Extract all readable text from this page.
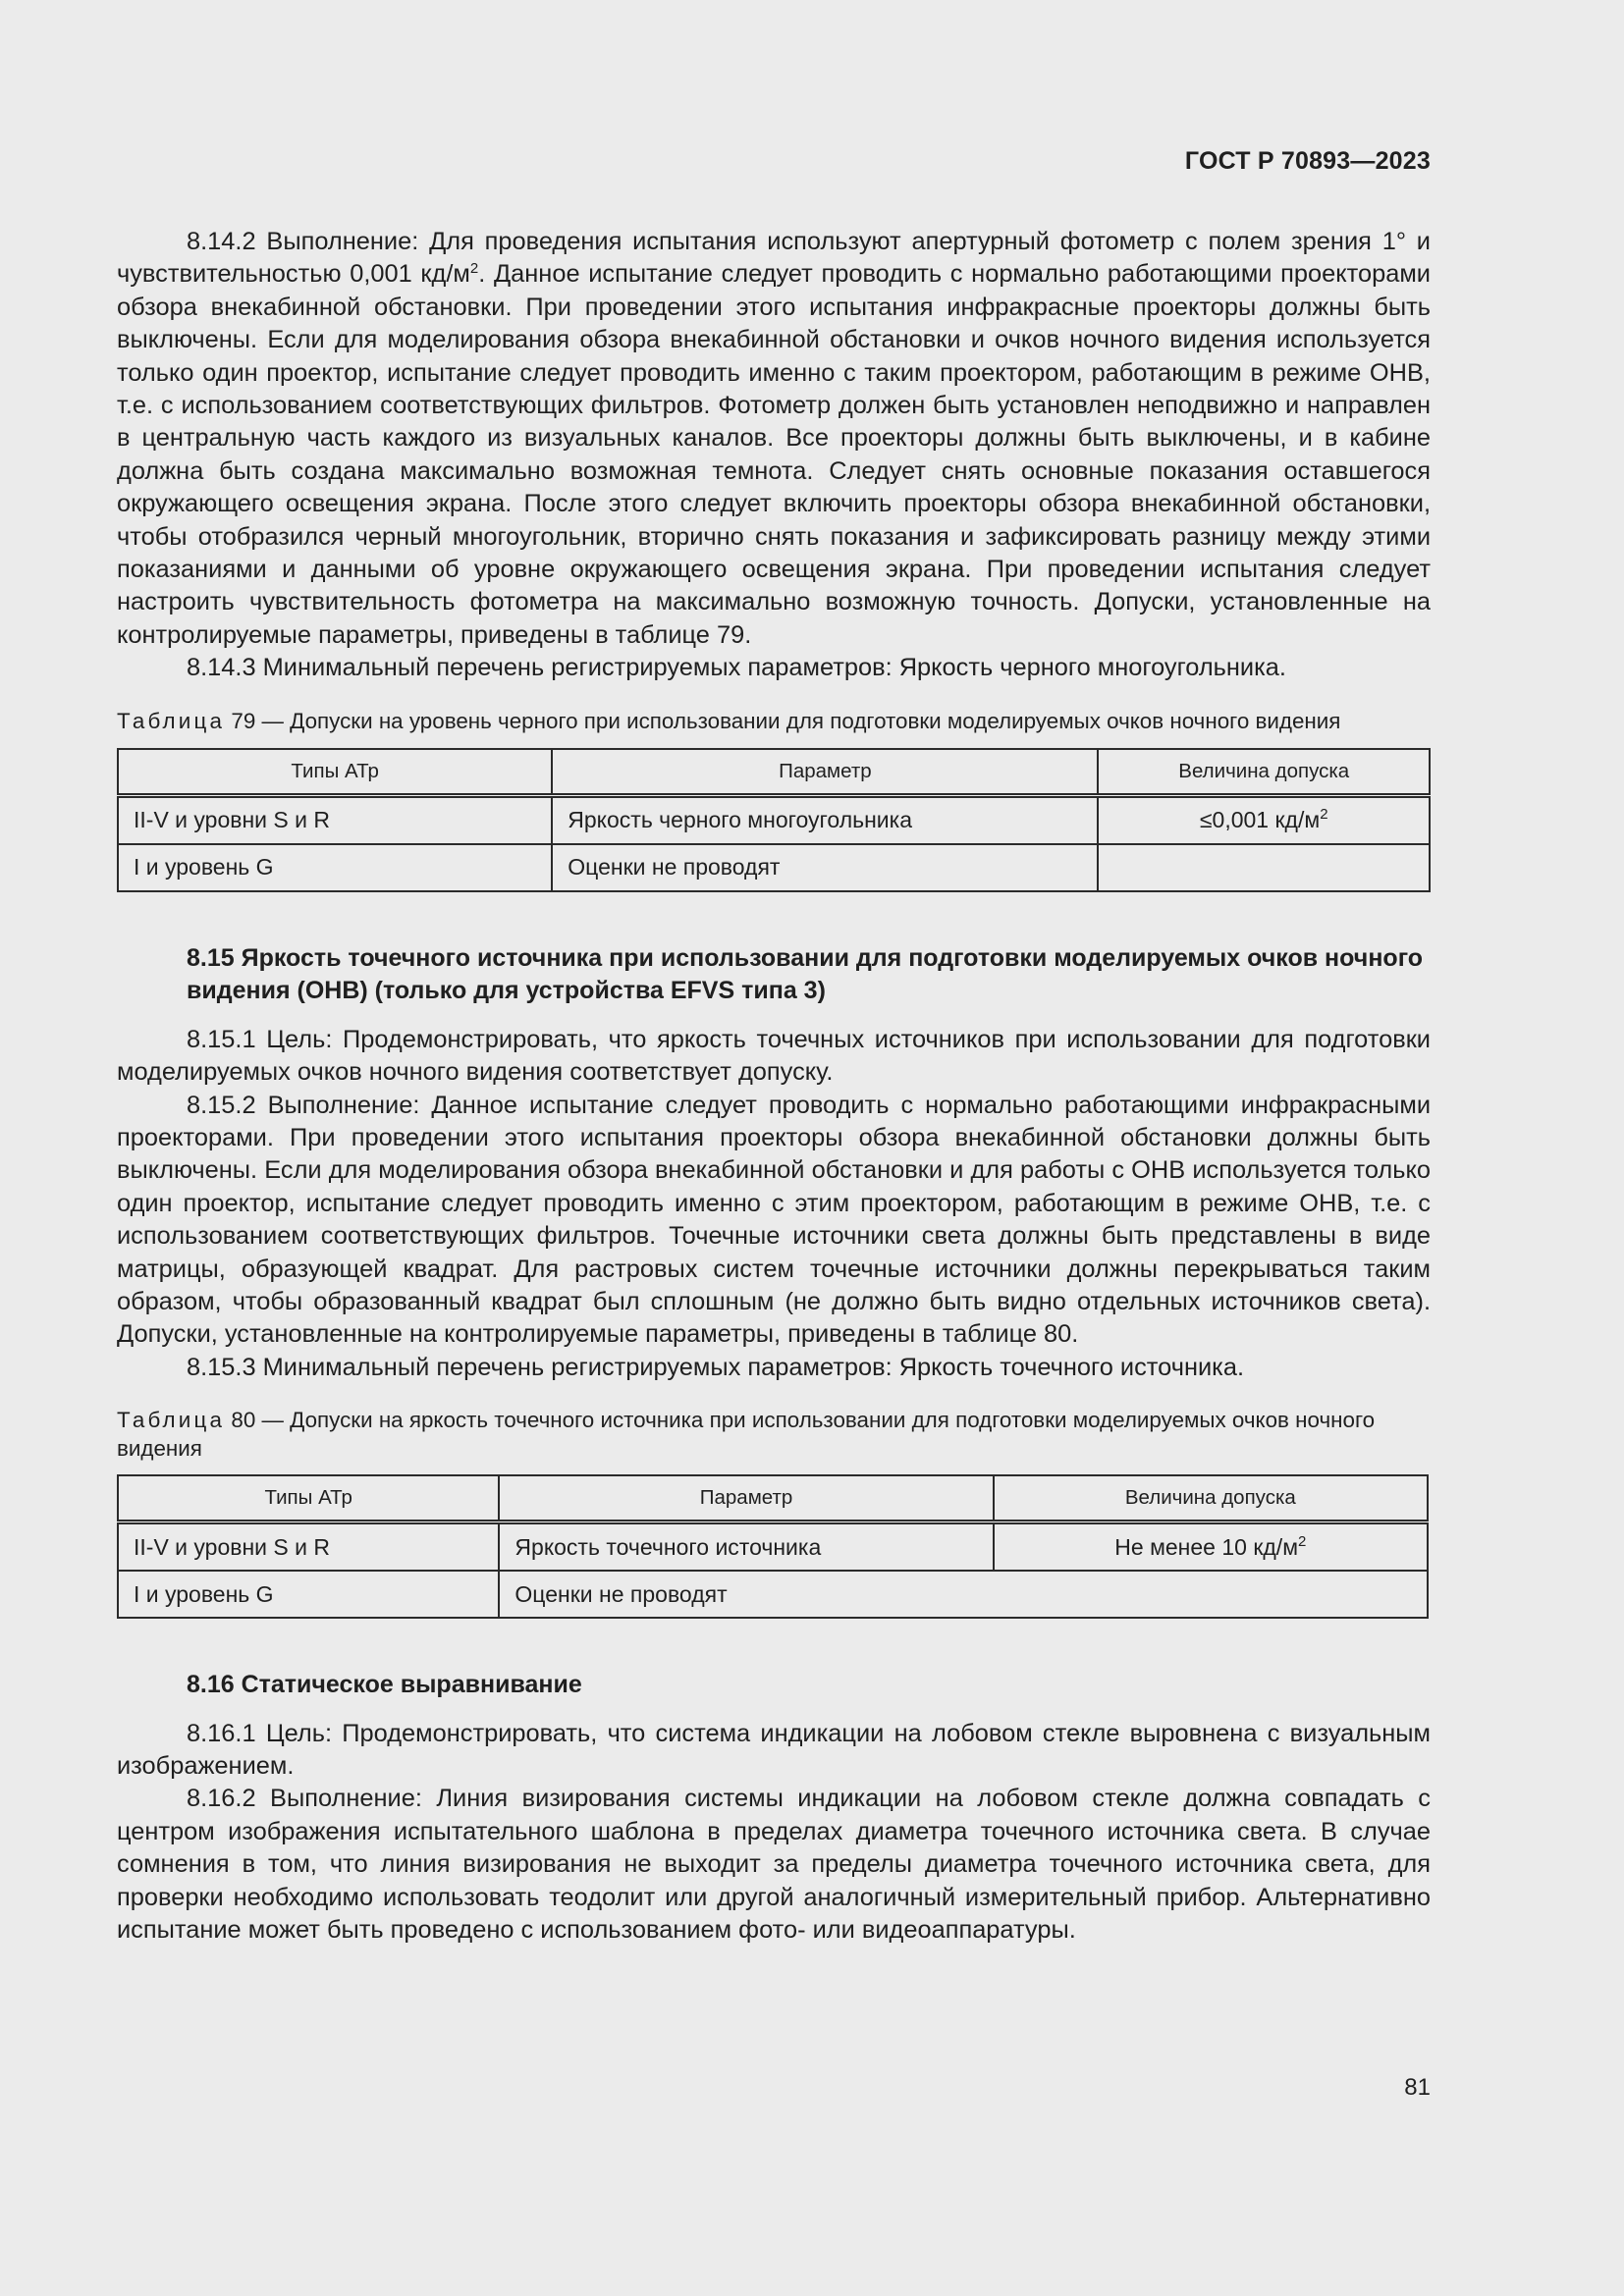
ГОСТ Р 70893—2023

8.14.2 Выполнение: Для проведения испытания используют апертурный фотометр с полем зрения 1° и чувствительностью 0,001 $кд/м^2$. Данное испытание следует проводить с нормально работающими проекторами обзора внекабинной обстановки. При проведении этого испытания инфракрасные проекторы должны быть выключены. Если для моделирования обзора внекабинной обстановки и очков ночного видения используется только один проектор, испытание следует проводить именно с таким проектором, работающим в режиме ОНВ, т.е. с использованием соответствующих фильтров. Фотометр должен быть установлен неподвижно и направлен в центральную часть каждого из визуальных каналов. Все проекторы должны быть выключены, и в кабине должна быть создана максимально возможная темнота. Следует снять основные показания оставшегося окружающего освещения экрана. После этого следует включить проекторы обзора внекабинной обстановки, чтобы отобразился черный многоугольник, вторично снять показания и зафиксировать разницу между этими показаниями и данными об уровне окружающего освещения экрана. При проведении испытания следует настроить чувствительность фотометра на максимально возможную точность. Допуски, установленные на контролируемые параметры, приведены в таблице 79.

8.14.3 Минимальный перечень регистрируемых параметров: Яркость черного многоугольника.

Таблица 79 — Допуски на уровень черного при использовании для подготовки моделируемых очков ночного видения
Типы АТр	Параметр	Величина допуска
II-V и уровни S и R	Яркость черного многоугольника	≤0,001 $кд/м^2$
I и уровень G	Оценки не проводят	

8.15 Яркость точечного источника при использовании для подготовки моделируемых очков ночного видения (ОНВ) (только для устройства EFVS типа 3)

8.15.1 Цель: Продемонстрировать, что яркость точечных источников при использовании для подготовки моделируемых очков ночного видения соответствует допуску.

8.15.2 Выполнение: Данное испытание следует проводить с нормально работающими инфракрасными проекторами. При проведении этого испытания проекторы обзора внекабинной обстановки должны быть выключены. Если для моделирования обзора внекабинной обстановки и для работы с ОНВ используется только один проектор, испытание следует проводить именно с этим проектором, работающим в режиме ОНВ, т.е. с использованием соответствующих фильтров. Точечные источники света должны быть представлены в виде матрицы, образующей квадрат. Для растровых систем точечные источники должны перекрываться таким образом, чтобы образованный квадрат был сплошным (не должно быть видно отдельных источников света). Допуски, установленные на контролируемые параметры, приведены в таблице 80.

8.15.3 Минимальный перечень регистрируемых параметров: Яркость точечного источника.

Таблица 80 — Допуски на яркость точечного источника при использовании для подготовки моделируемых очков ночного видения
Типы АТр	Параметр	Величина допуска
II-V и уровни S и R	Яркость точечного источника	Не менее 10 $кд/м^2$
I и уровень G	Оценки не проводят	

8.16 Статическое выравнивание

8.16.1 Цель: Продемонстрировать, что система индикации на лобовом стекле выровнена с визуальным изображением.

8.16.2 Выполнение: Линия визирования системы индикации на лобовом стекле должна совпадать с центром изображения испытательного шаблона в пределах диаметра точечного источника света. В случае сомнения в том, что линия визирования не выходит за пределы диаметра точечного источника света, для проверки необходимо использовать теодолит или другой аналогичный измерительный прибор. Альтернативно испытание может быть проведено с использованием фото- или видеоаппаратуры.

81
